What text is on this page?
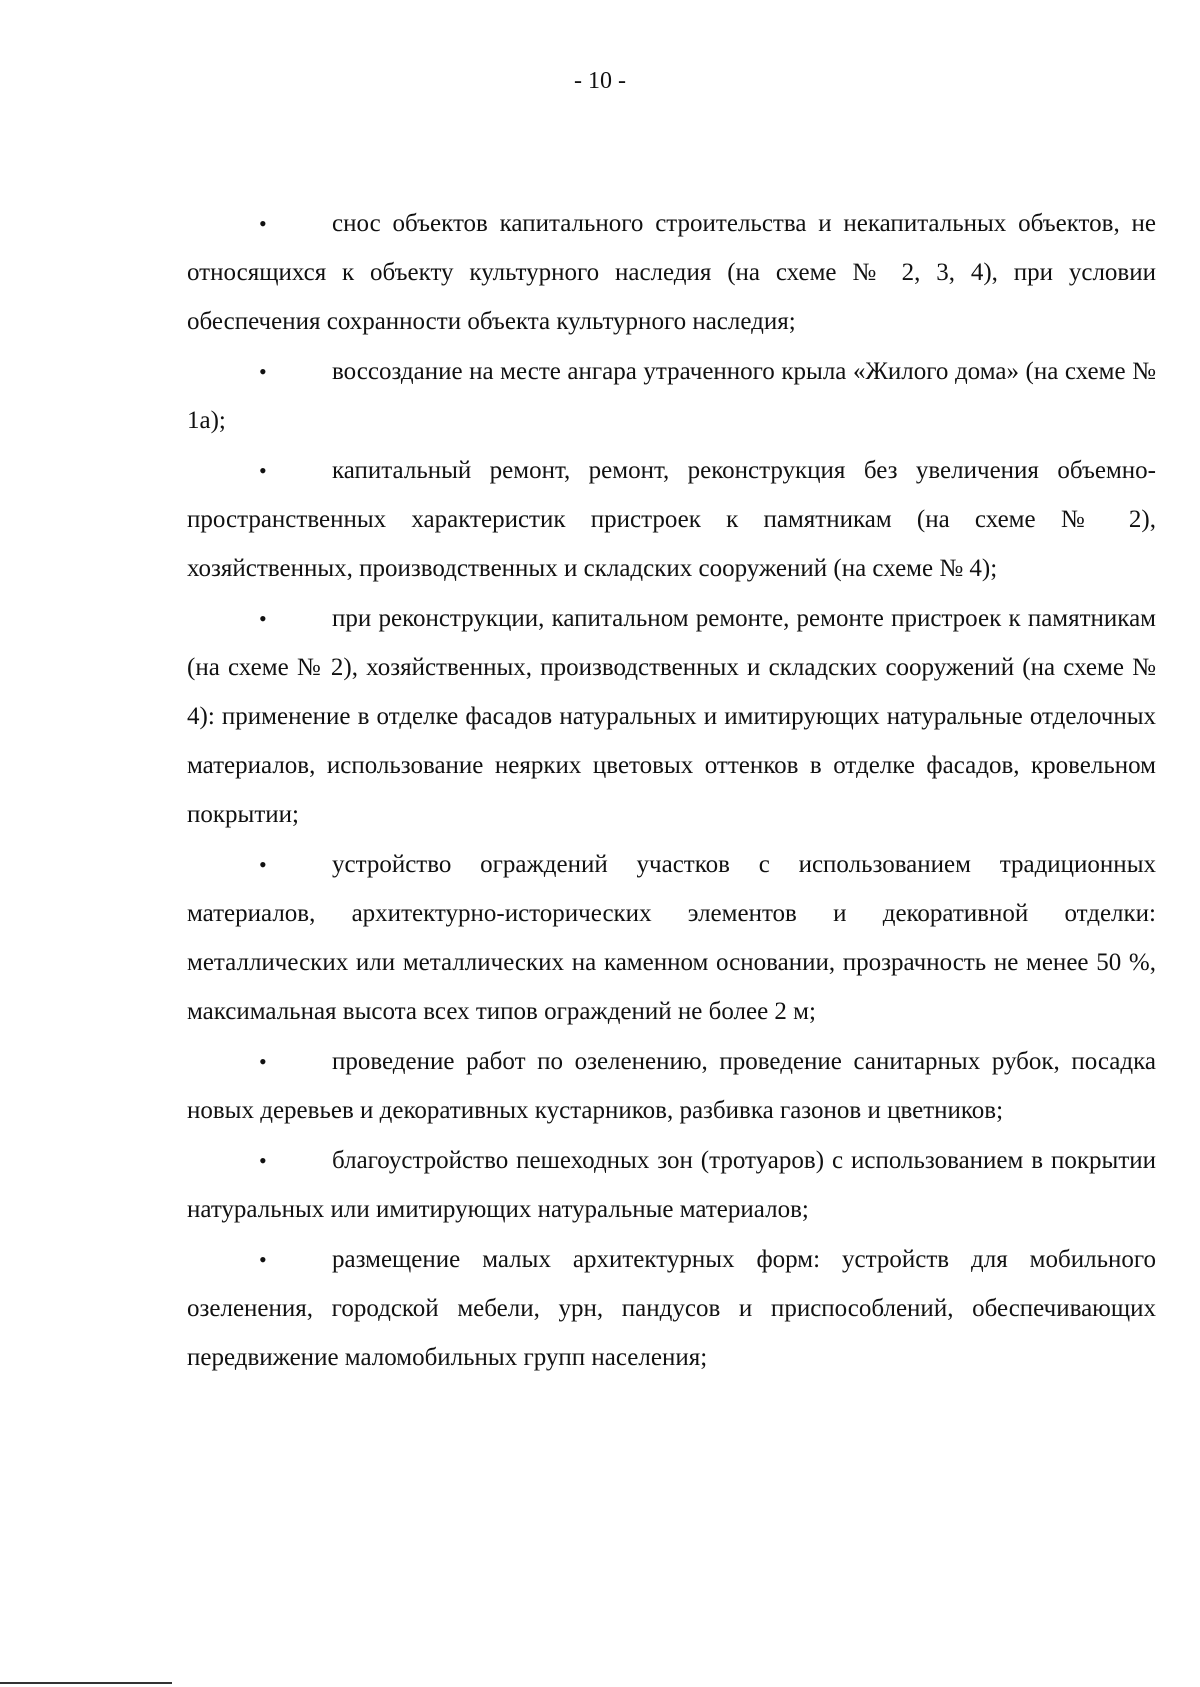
- 10 -

•	снос объектов капитального строительства и некапитальных объектов, не относящихся к объекту культурного наследия (на схеме № 2, 3, 4), при условии обеспечения сохранности объекта культурного наследия;

•	воссоздание на месте ангара утраченного крыла «Жилого дома» (на схеме № 1а);

•	капитальный ремонт, ремонт, реконструкция без увеличения объемно-пространственных характеристик пристроек к памятникам (на схеме № 2), хозяйственных, производственных и складских сооружений (на схеме № 4);

•	при реконструкции, капитальном ремонте, ремонте пристроек к памятникам (на схеме № 2), хозяйственных, производственных и складских сооружений (на схеме № 4): применение в отделке фасадов натуральных и имитирующих натуральные отделочных материалов, использование неярких цветовых оттенков в отделке фасадов, кровельном покрытии;

•	устройство ограждений участков с использованием традиционных материалов, архитектурно-исторических элементов и декоративной отделки: металлических или металлических на каменном основании, прозрачность не менее 50 %, максимальная высота всех типов ограждений не более 2 м;

•	проведение работ по озеленению, проведение санитарных рубок, посадка новых деревьев и декоративных кустарников, разбивка газонов и цветников;

•	благоустройство пешеходных зон (тротуаров) с использованием в покрытии натуральных или имитирующих натуральные материалов;

•	размещение малых архитектурных форм: устройств для мобильного озеленения, городской мебели, урн, пандусов и приспособлений, обеспечивающих передвижение маломобильных групп населения;
